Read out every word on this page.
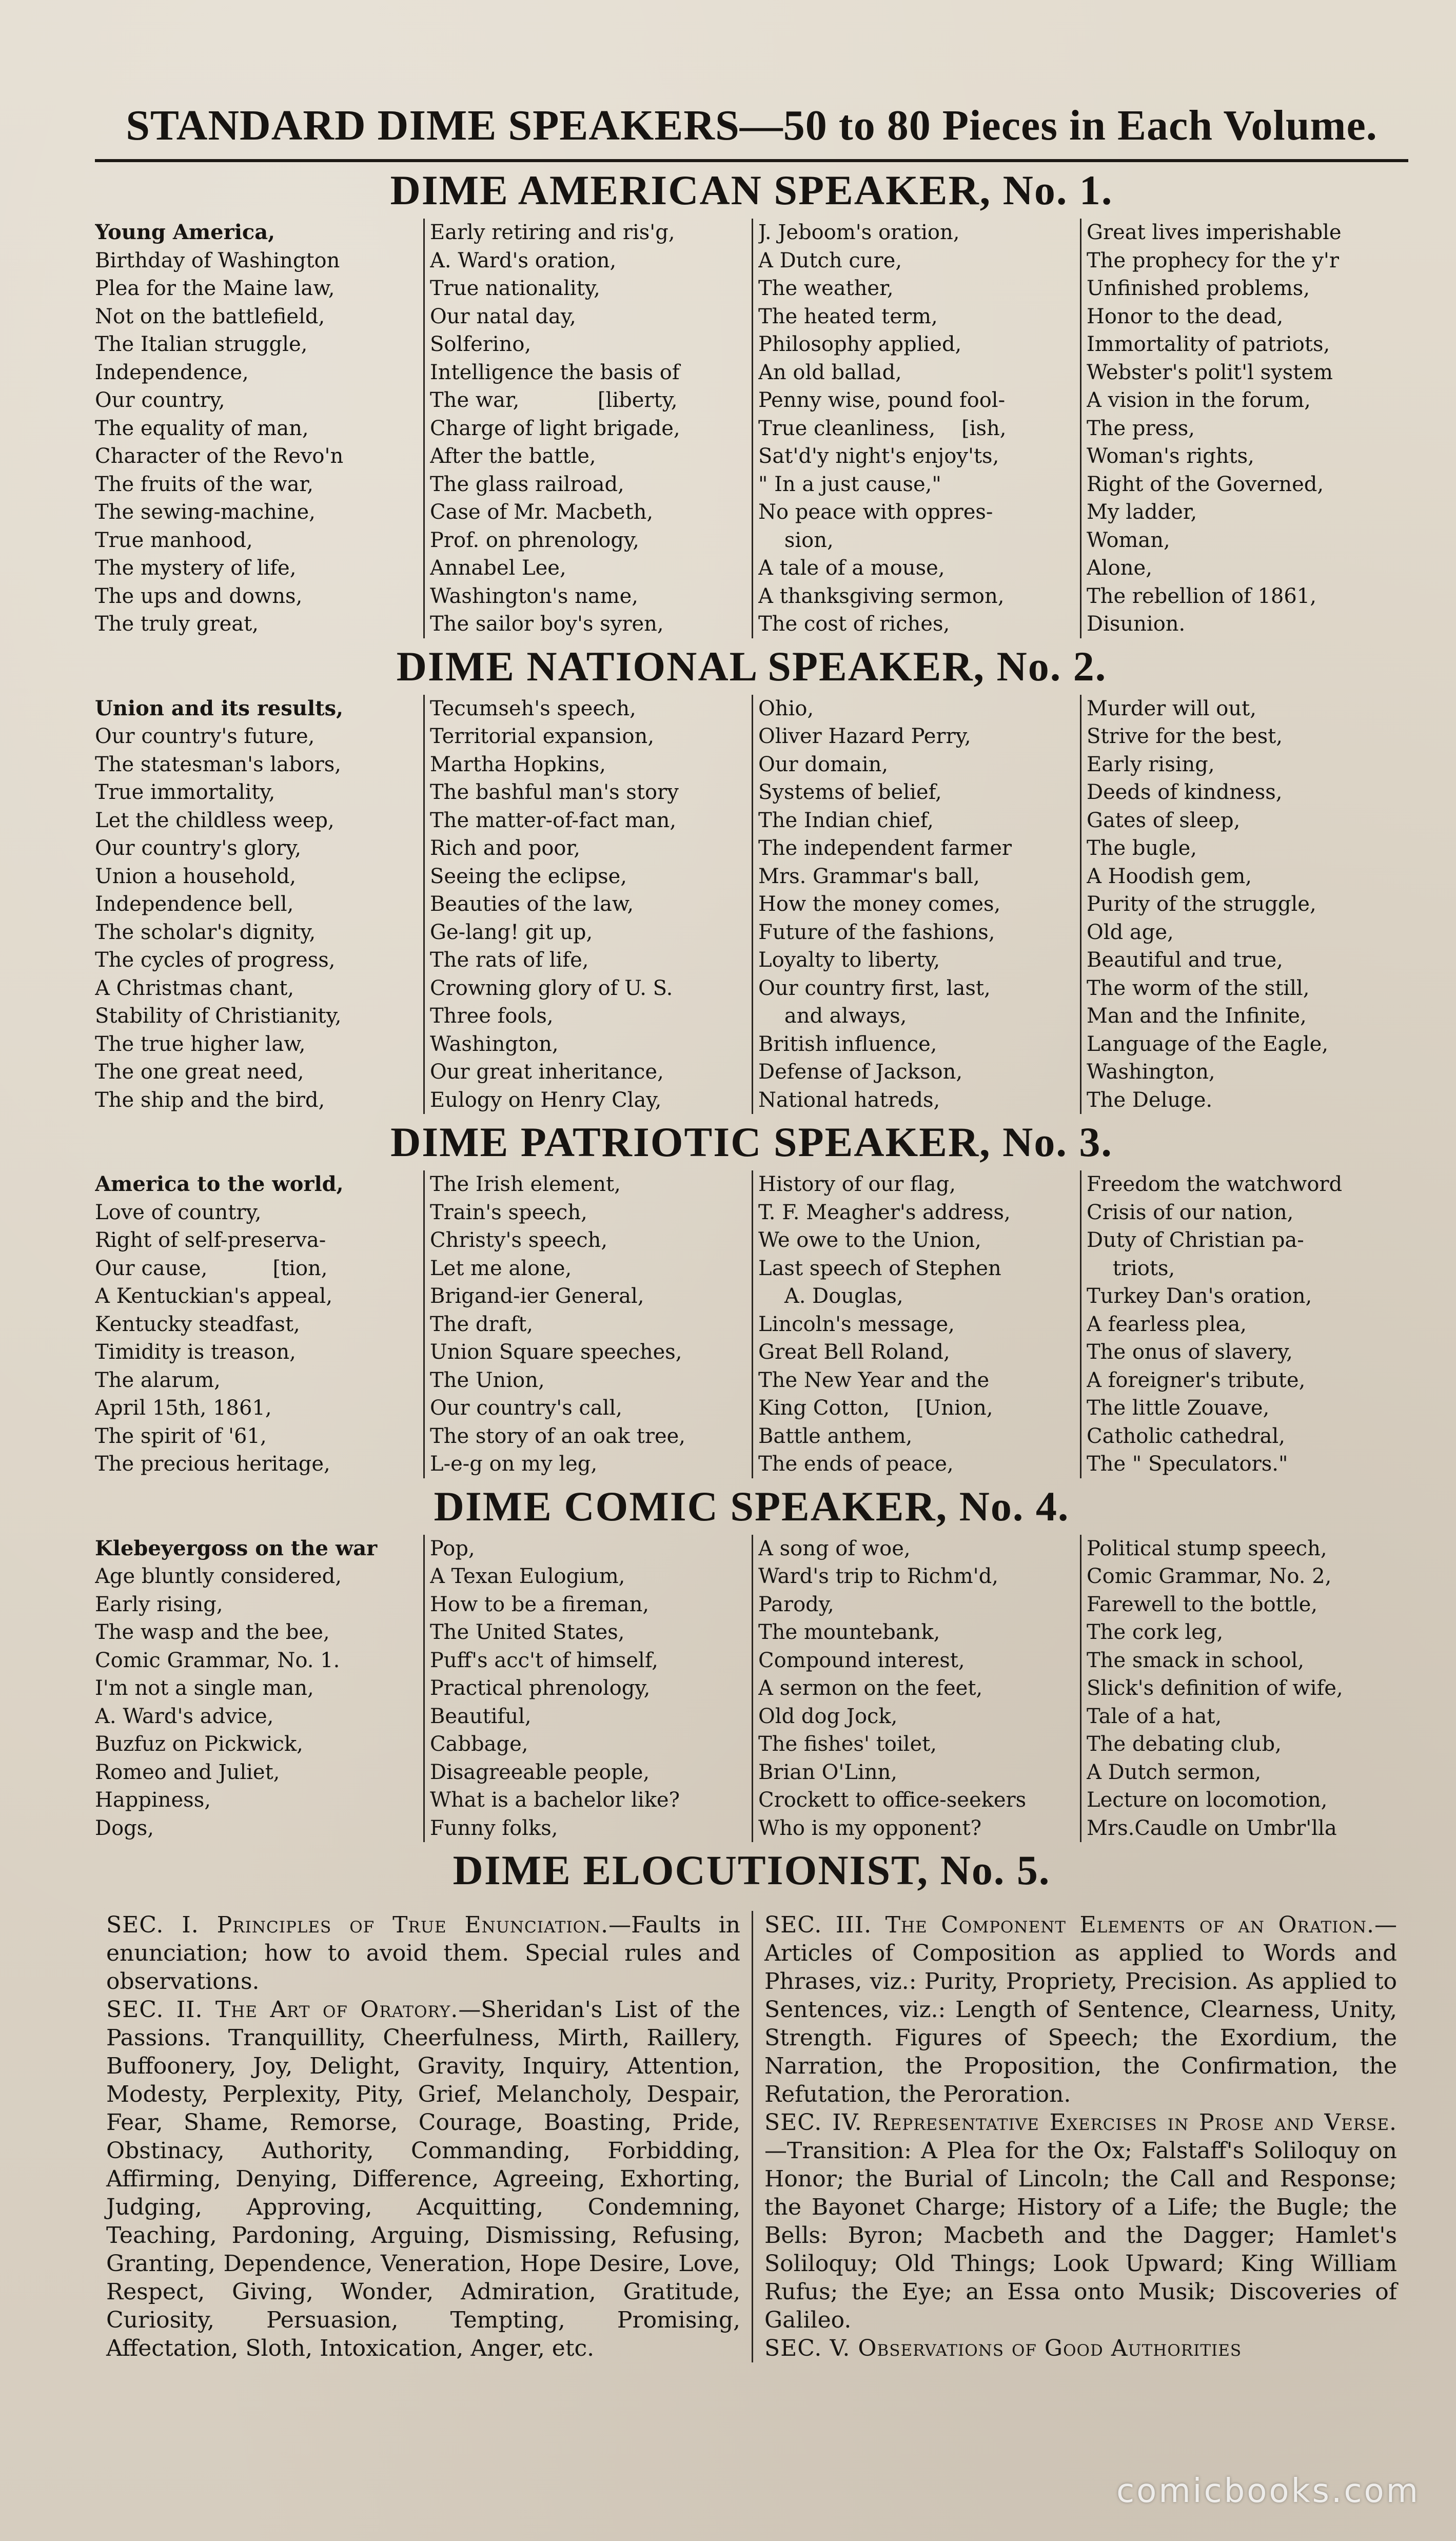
STANDARD DIME SPEAKERS—50 to 80 Pieces in Each Volume.
DIME AMERICAN SPEAKER, No. 1.
Young America,
Birthday of Washington
Plea for the Maine law,
Not on the battlefield,
The Italian struggle,
Independence,
Our country,
The equality of man,
Character of the Revo'n
The fruits of the war,
The sewing-machine,
True manhood,
The mystery of life,
The ups and downs,
The truly great,
Early retiring and ris'g,
A. Ward's oration,
True nationality,
Our natal day,
Solferino,
Intelligence the basis of
The war,            [liberty,
Charge of light brigade,
After the battle,
The glass railroad,
Case of Mr. Macbeth,
Prof. on phrenology,
Annabel Lee,
Washington's name,
The sailor boy's syren,
J. Jeboom's oration,
A Dutch cure,
The weather,
The heated term,
Philosophy applied,
An old ballad,
Penny wise, pound fool-
True cleanliness,    [ish,
Sat'd'y night's enjoy'ts,
" In a just cause,"
No peace with oppres-
sion,
A tale of a mouse,
A thanksgiving sermon,
The cost of riches,
Great lives imperishable
The prophecy for the y'r
Unfinished problems,
Honor to the dead,
Immortality of patriots,
Webster's polit'l system
A vision in the forum,
The press,
Woman's rights,
Right of the Governed,
My ladder,
Woman,
Alone,
The rebellion of 1861,
Disunion.
DIME NATIONAL SPEAKER, No. 2.
Union and its results,
Our country's future,
The statesman's labors,
True immortality,
Let the childless weep,
Our country's glory,
Union a household,
Independence bell,
The scholar's dignity,
The cycles of progress,
A Christmas chant,
Stability of Christianity,
The true higher law,
The one great need,
The ship and the bird,
Tecumseh's speech,
Territorial expansion,
Martha Hopkins,
The bashful man's story
The matter-of-fact man,
Rich and poor,
Seeing the eclipse,
Beauties of the law,
Ge-lang! git up,
The rats of life,
Crowning glory of U. S.
Three fools,
Washington,
Our great inheritance,
Eulogy on Henry Clay,
Ohio,
Oliver Hazard Perry,
Our domain,
Systems of belief,
The Indian chief,
The independent farmer
Mrs. Grammar's ball,
How the money comes,
Future of the fashions,
Loyalty to liberty,
Our country first, last,
and always,
British influence,
Defense of Jackson,
National hatreds,
Murder will out,
Strive for the best,
Early rising,
Deeds of kindness,
Gates of sleep,
The bugle,
A Hoodish gem,
Purity of the struggle,
Old age,
Beautiful and true,
The worm of the still,
Man and the Infinite,
Language of the Eagle,
Washington,
The Deluge.
DIME PATRIOTIC SPEAKER, No. 3.
America to the world,
Love of country,
Right of self-preserva-
Our cause,          [tion,
A Kentuckian's appeal,
Kentucky steadfast,
Timidity is treason,
The alarum,
April 15th, 1861,
The spirit of '61,
The precious heritage,
The Irish element,
Train's speech,
Christy's speech,
Let me alone,
Brigand-ier General,
The draft,
Union Square speeches,
The Union,
Our country's call,
The story of an oak tree,
L-e-g on my leg,
History of our flag,
T. F. Meagher's address,
We owe to the Union,
Last speech of Stephen
A. Douglas,
Lincoln's message,
Great Bell Roland,
The New Year and the
King Cotton,    [Union,
Battle anthem,
The ends of peace,
Freedom the watchword
Crisis of our nation,
Duty of Christian pa-
triots,
Turkey Dan's oration,
A fearless plea,
The onus of slavery,
A foreigner's tribute,
The little Zouave,
Catholic cathedral,
The " Speculators."
DIME COMIC SPEAKER, No. 4.
Klebeyergoss on the war
Age bluntly considered,
Early rising,
The wasp and the bee,
Comic Grammar, No. 1.
I'm not a single man,
A. Ward's advice,
Buzfuz on Pickwick,
Romeo and Juliet,
Happiness,
Dogs,
Pop,
A Texan Eulogium,
How to be a fireman,
The United States,
Puff's acc't of himself,
Practical phrenology,
Beautiful,
Cabbage,
Disagreeable people,
What is a bachelor like?
Funny folks,
A song of woe,
Ward's trip to Richm'd,
Parody,
The mountebank,
Compound interest,
A sermon on the feet,
Old dog Jock,
The fishes' toilet,
Brian O'Linn,
Crockett to office-seekers
Who is my opponent?
Political stump speech,
Comic Grammar, No. 2,
Farewell to the bottle,
The cork leg,
The smack in school,
Slick's definition of wife,
Tale of a hat,
The debating club,
A Dutch sermon,
Lecture on locomotion,
Mrs.Caudle on Umbr'lla
DIME ELOCUTIONIST, No. 5.

SEC. I. Principles of True Enunciation.—Faults in enunciation; how to avoid them. Special rules and observations.

SEC. II. The Art of Oratory.—Sheridan's List of the Passions. Tranquillity, Cheerfulness, Mirth, Raillery, Buffoonery, Joy, Delight, Gravity, Inquiry, Attention, Modesty, Perplexity, Pity, Grief, Melancholy, Despair, Fear, Shame, Remorse, Courage, Boasting, Pride, Obstinacy, Authority, Commanding, Forbidding, Affirming, Denying, Difference, Agreeing, Exhorting, Judging, Approving, Acquitting, Condemning, Teaching, Pardoning, Arguing, Dismissing, Refusing, Granting, Dependence, Veneration, Hope Desire, Love, Respect, Giving, Wonder, Admiration, Gratitude, Curiosity, Persuasion, Tempting, Promising, Affectation, Sloth, Intoxication, Anger, etc.

SEC. III. The Component Elements of an Oration.—Articles of Composition as applied to Words and Phrases, viz.: Purity, Propriety, Precision. As applied to Sentences, viz.: Length of Sentence, Clearness, Unity, Strength. Figures of Speech; the Exordium, the Narration, the Proposition, the Confirmation, the Refutation, the Peroration.

SEC. IV. Representative Exercises in Prose and Verse.—Transition: A Plea for the Ox; Falstaff's Soliloquy on Honor; the Burial of Lincoln; the Call and Response; the Bayonet Charge; History of a Life; the Bugle; the Bells: Byron; Macbeth and the Dagger; Hamlet's Soliloquy; Old Things; Look Upward; King William Rufus; the Eye; an Essa onto Musik; Discoveries of Galileo.

SEC. V. Observations of Good Authorities

comicbooks.com
